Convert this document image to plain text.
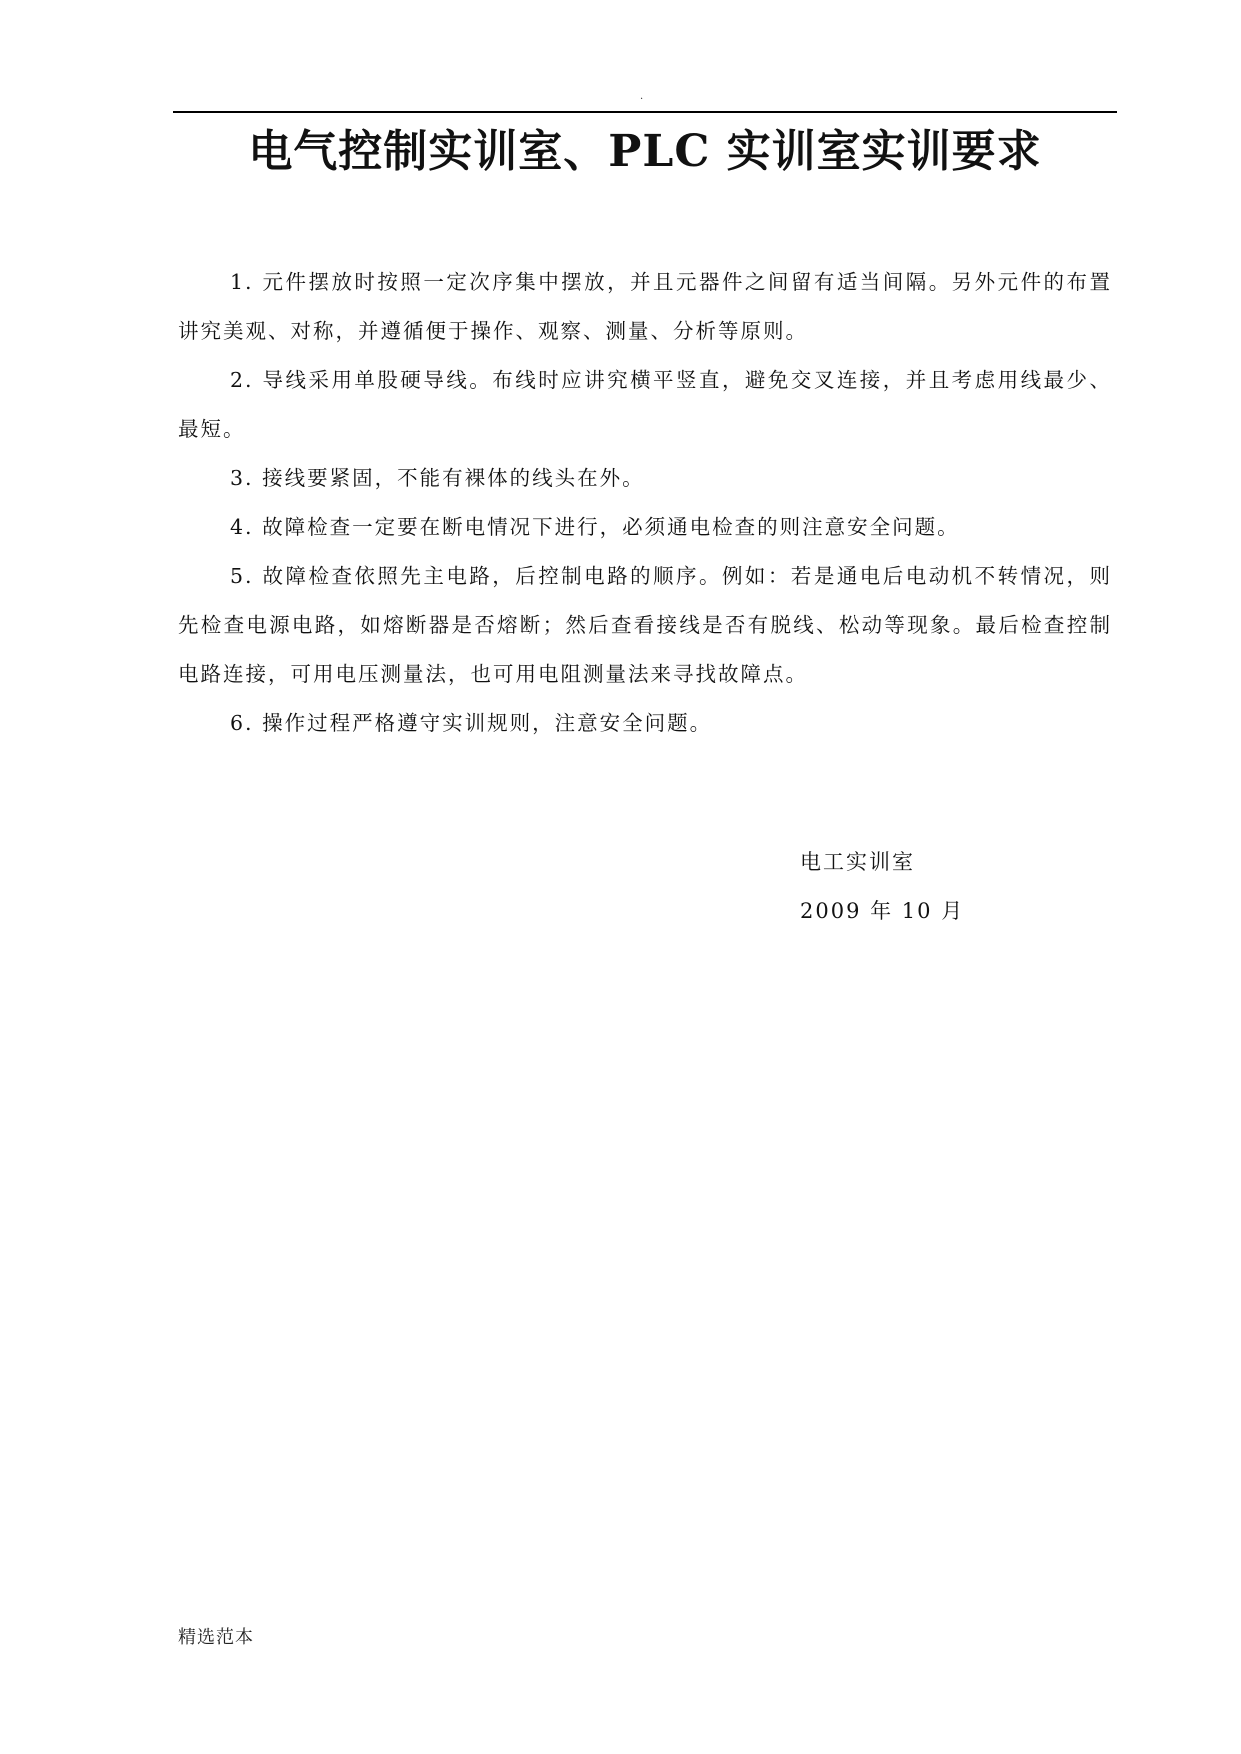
.
电气控制实训室、PLC 实训室实训要求

1. 元件摆放时按照一定次序集中摆放，并且元器件之间留有适当间隔。另外元件的布置讲究美观、对称，并遵循便于操作、观察、测量、分析等原则。

2. 导线采用单股硬导线。布线时应讲究横平竖直，避免交叉连接，并且考虑用线最少、最短。

3. 接线要紧固，不能有裸体的线头在外。

4. 故障检查一定要在断电情况下进行，必须通电检查的则注意安全问题。

5. 故障检查依照先主电路，后控制电路的顺序。例如：若是通电后电动机不转情况，则先检查电源电路，如熔断器是否熔断；然后查看接线是否有脱线、松动等现象。最后检查控制电路连接，可用电压测量法，也可用电阻测量法来寻找故障点。

6. 操作过程严格遵守实训规则，注意安全问题。

电工实训室
2009 年 10 月
精选范本
